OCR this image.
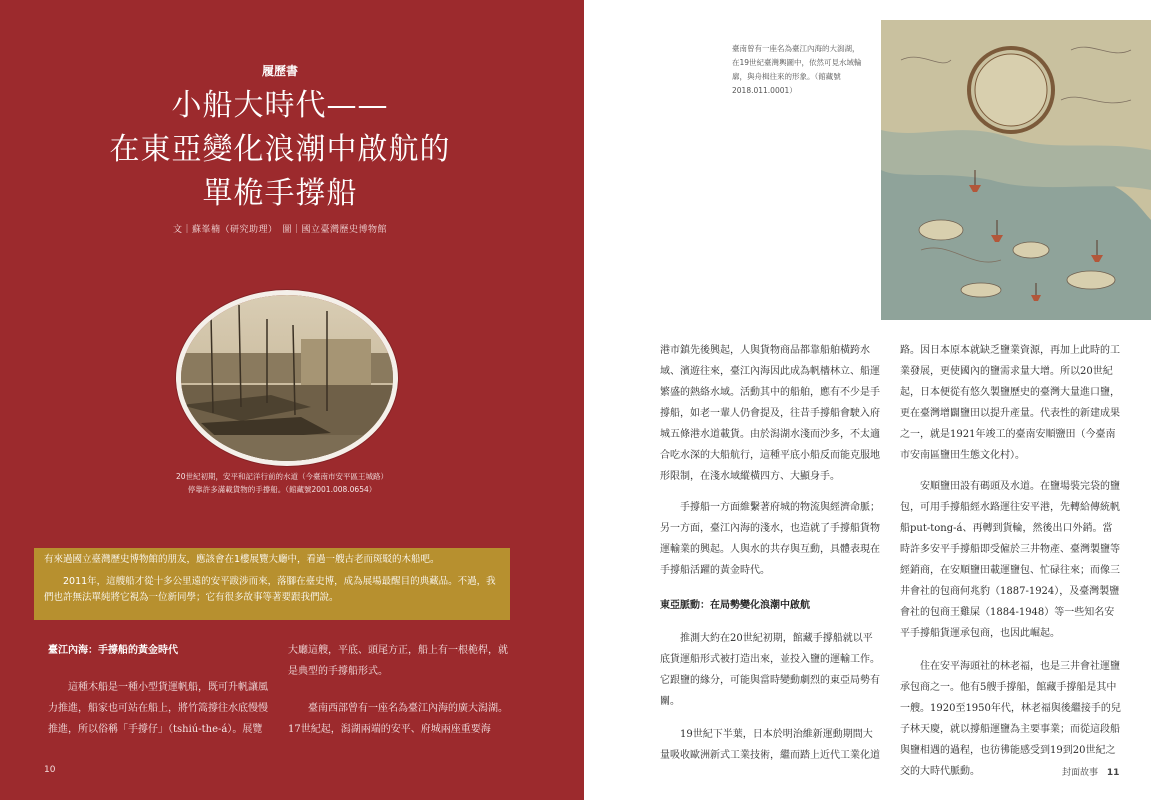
履歷書
小船大時代——
在東亞變化浪潮中啟航的
單桅手撐船
文｜蘇峯楠（研究助理）　圖｜國立臺灣歷史博物館
20世紀初期，安平和記洋行前的水道（今臺南市安平區王城路）
停靠許多滿載貨物的手撐船。（館藏號2001.008.0654）

有來過國立臺灣歷史博物館的朋友，應該會在1樓展覽大廳中，看過一艘古老而斑駁的木船吧。

2011年，這艘船才從十多公里遠的安平跋涉而來，落腳在臺史博，成為展場最醒目的典藏品。不過，我們也許無法單純將它視為一位新同學；它有很多故事等著要跟我們說。

臺江內海：手撐船的黃金時代

這種木船是一種小型貨運帆船，既可升帆讓風力推進，船家也可站在船上，將竹篙撐往水底慢慢推進，所以俗稱「手撐仔」（tshiú-the-á）。展覽

大廳這艘，平底、頭尾方正，船上有一根桅桿，就是典型的手撐船形式。

臺南西部曾有一座名為臺江內海的廣大潟湖。17世紀起，潟湖兩端的安平、府城兩座重要海

10
臺南曾有一座名為臺江內海的大潟湖，在19世紀臺灣輿圖中，依然可見水域輪廓，與舟楫往來的形象。（館藏號2018.011.0001）

港市鎮先後興起，人與貨物商品都靠船舶橫跨水域、濱遊往來，臺江內海因此成為帆檣林立、船運繁盛的熱絡水域。活動其中的船舶，應有不少是手撐船，如老一輩人仍會提及，往昔手撐船會駛入府城五條港水道載貨。由於潟湖水淺而沙多，不太適合吃水深的大船航行，這種平底小船反而能克服地形限制，在淺水域縱橫四方、大顯身手。

手撐船一方面維繫著府城的物流與經濟命脈；另一方面，臺江內海的淺水，也造就了手撐船貨物運輸業的興起。人與水的共存與互動，具體表現在手撐船活躍的黃金時代。

東亞脈動：在局勢變化浪潮中啟航

推測大約在20世紀初期，館藏手撐船就以平底貨運船形式被打造出來，並投入鹽的運輸工作。它跟鹽的緣分，可能與當時變動劇烈的東亞局勢有關。

19世紀下半葉，日本於明治維新運動期間大量吸收歐洲新式工業技術，繼而踏上近代工業化道

路。因日本原本就缺乏鹽業資源，再加上此時的工業發展，更使國內的鹽需求量大增。所以20世紀起，日本便從有悠久製鹽歷史的臺灣大量進口鹽，更在臺灣增闢鹽田以提升產量。代表性的新建成果之一，就是1921年竣工的臺南安順鹽田（今臺南市安南區鹽田生態文化村）。

安順鹽田設有碼頭及水道。在鹽場裝完袋的鹽包，可用手撐船經水路運往安平港，先轉給傳統帆船put-tong-á、再轉到貨輪，然後出口外銷。當時許多安平手撐船即受僱於三井物產、臺灣製鹽等經銷商，在安順鹽田載運鹽包、忙碌往來；而像三井會社的包商何兆豹（1887-1924），及臺灣製鹽會社的包商王雞屎（1884-1948）等一些知名安平手撐船貨運承包商，也因此崛起。

住在安平海頭社的林老福，也是三井會社運鹽承包商之一。他有5艘手撐船，館藏手撐船是其中一艘。1920至1950年代，林老福與後繼接手的兒子林天慶，就以撐船運鹽為主要事業；而從這段船與鹽相遇的過程，也彷彿能感受到19到20世紀之交的大時代脈動。	封面故事 11
